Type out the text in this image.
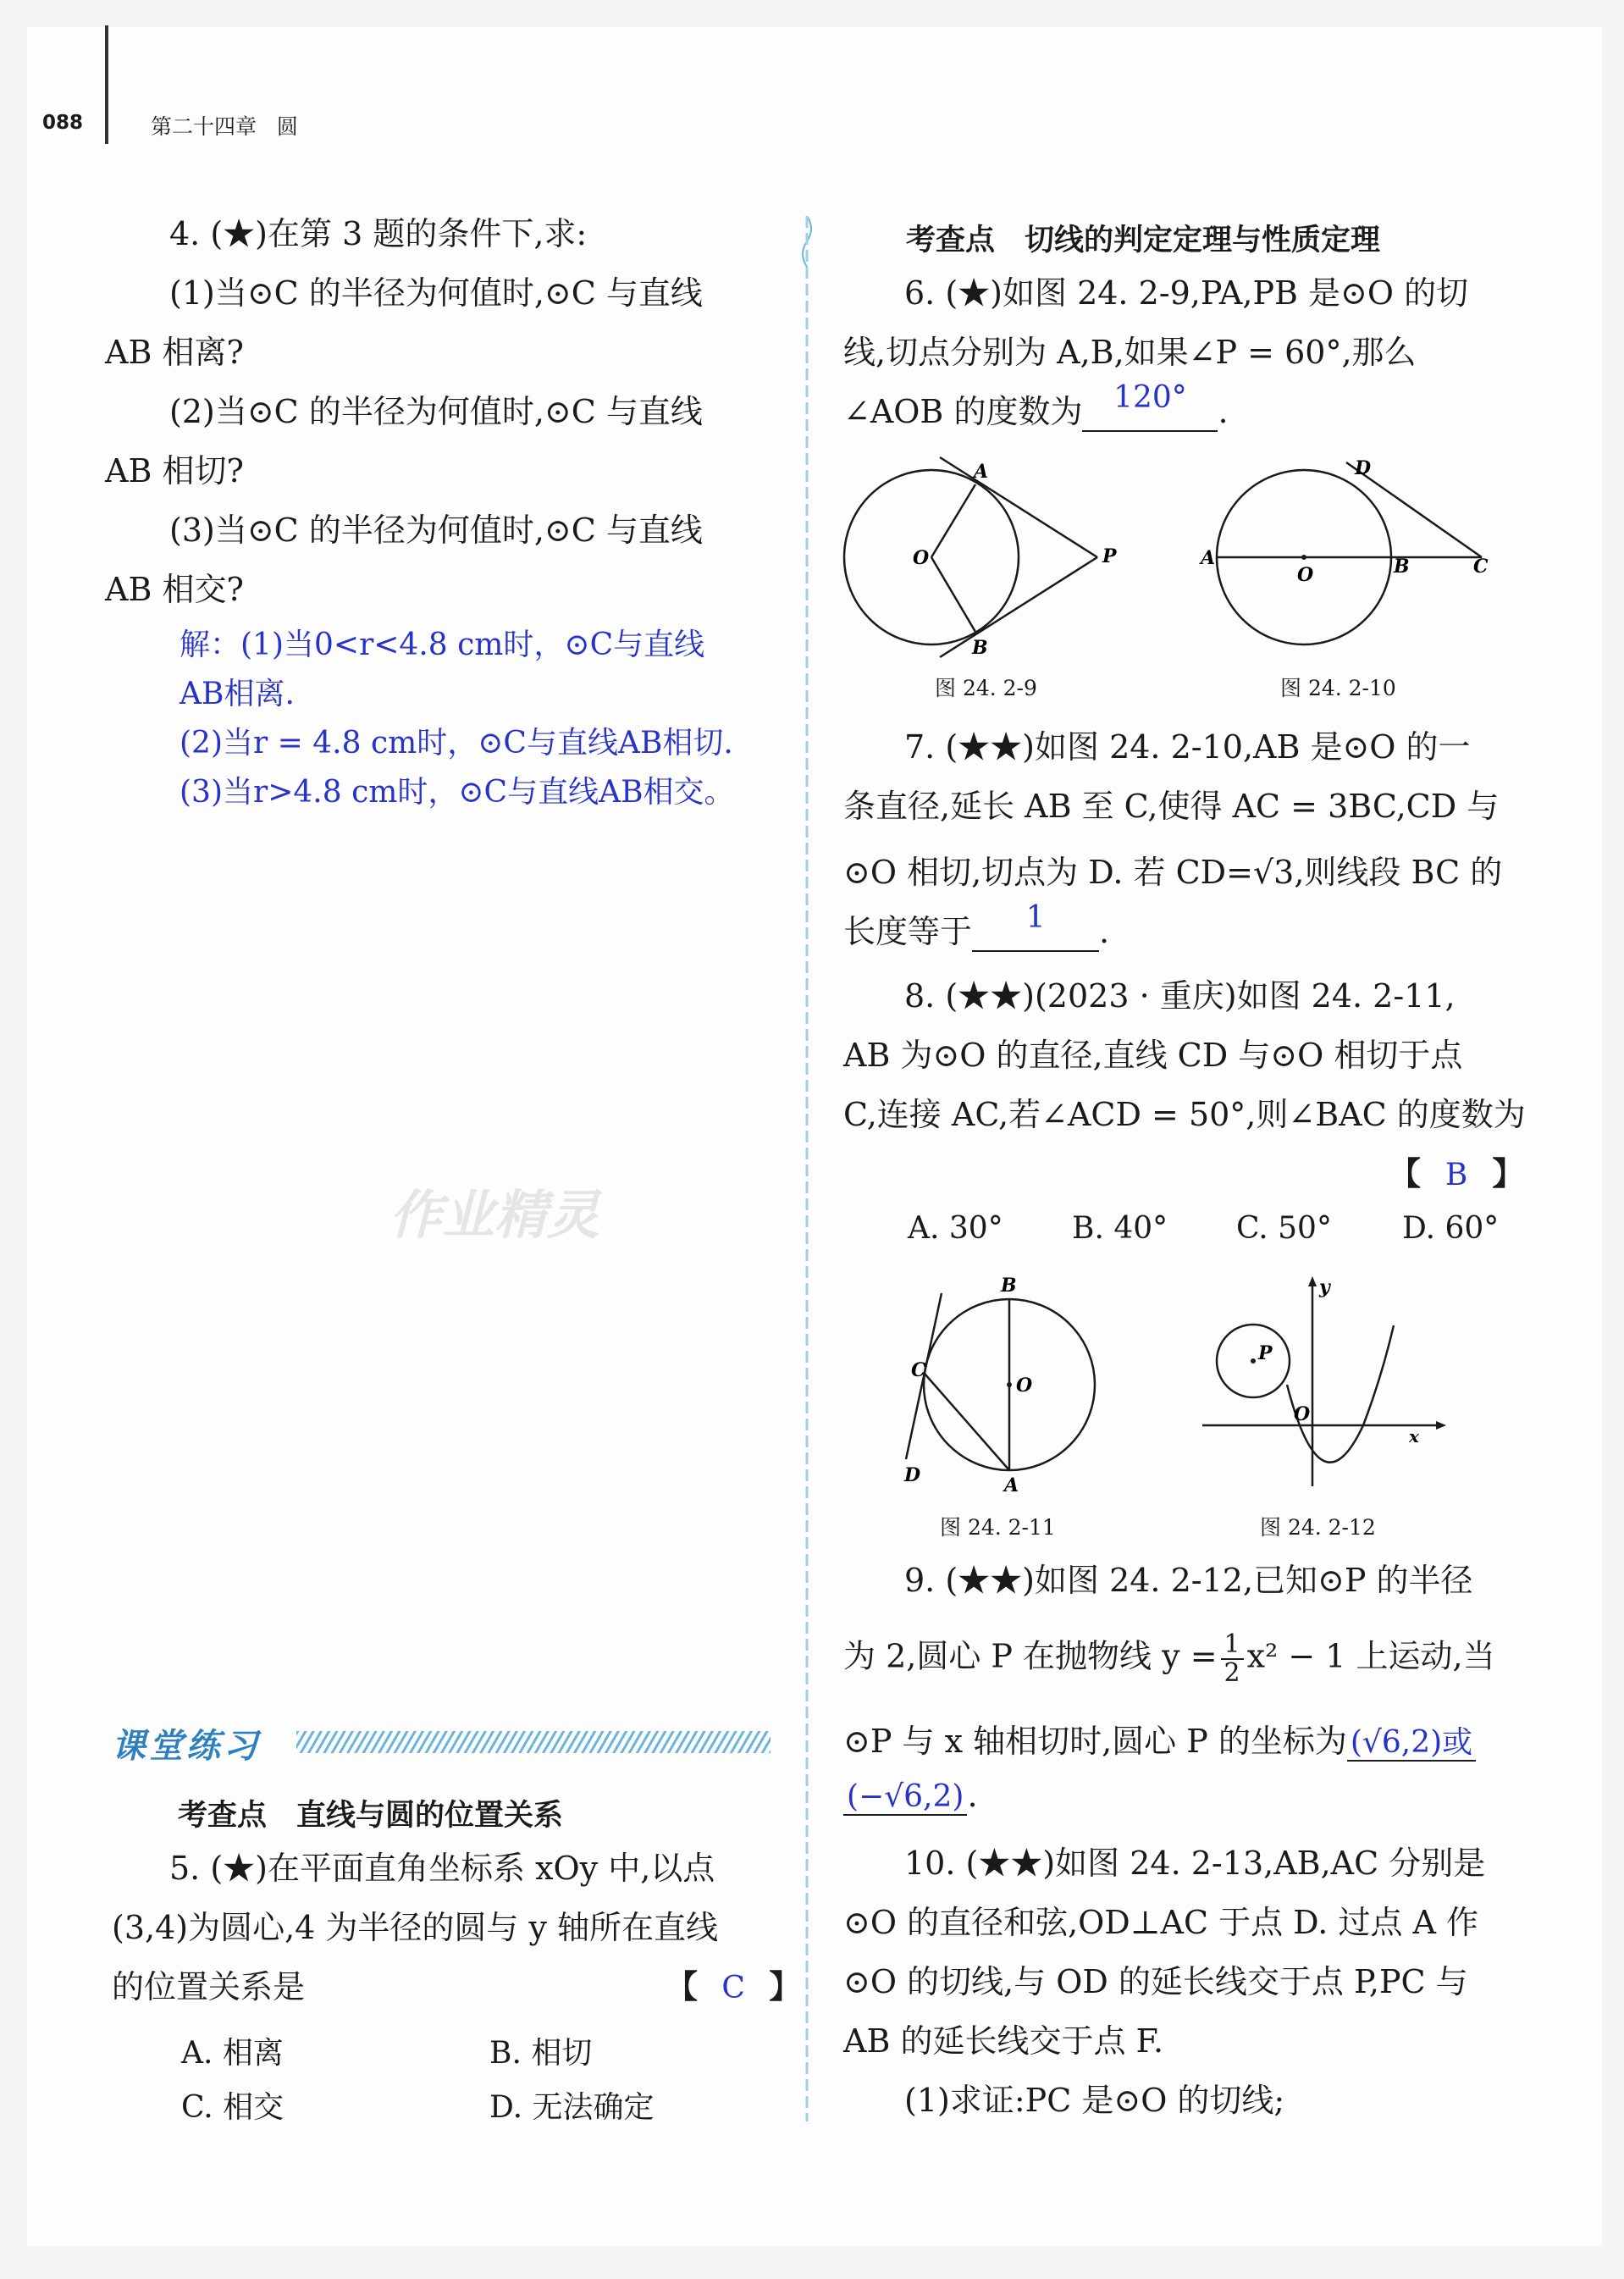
088	第二十四章 圆
4. (★)在第 3 题的条件下,求:
(1)当⊙C 的半径为何值时,⊙C 与直线
AB 相离?
(2)当⊙C 的半径为何值时,⊙C 与直线
AB 相切?
(3)当⊙C 的半径为何值时,⊙C 与直线
AB 相交?
解：(1)当0<r<4.8 cm时，⊙C与直线
AB相离.
(2)当r = 4.8 cm时，⊙C与直线AB相切.
(3)当r>4.8 cm时，⊙C与直线AB相交。
作业精灵
课堂练习
考查点　直线与圆的位置关系
5. (★)在平面直角坐标系 xOy 中,以点
(3,4)为圆心,4 为半径的圆与 y 轴所在直线
的位置关系是	【 C 】
A. 相离	B. 相切
C. 相交	D. 无法确定
考查点　切线的判定定理与性质定理
6. (★)如图 24. 2-9,PA,PB 是⊙O 的切
线,切点分别为 A,B,如果∠P = 60°,那么
∠AOB 的度数为 120° .
A
B
O	P
图 24. 2-9
D
A
O	B	C
图 24. 2-10
7. (★★)如图 24. 2-10,AB 是⊙O 的一
条直径,延长 AB 至 C,使得 AC = 3BC,CD 与
⊙O 相切,切点为 D. 若 CD=√3,则线段 BC 的
长度等于 1 .
8. (★★)(2023 · 重庆)如图 24. 2-11,
AB 为⊙O 的直径,直线 CD 与⊙O 相切于点
C,连接 AC,若∠ACD = 50°,则∠BAC 的度数为
【 B 】
A. 30° B. 40° C. 50° D. 60°
B
C
O
D	A
图 24. 2-11
y
P
O
x
图 24. 2-12
9. (★★)如图 24. 2-12,已知⊙P 的半径
为 2,圆心 P 在抛物线 $y = \frac{1}{2} x^2 - 1$ 上运动,当
⊙P 与 x 轴相切时,圆心 P 的坐标为 (√6,2)或
(−√6,2) .
10. (★★)如图 24. 2-13,AB,AC 分别是
⊙O 的直径和弦,OD⊥AC 于点 D. 过点 A 作
⊙O 的切线,与 OD 的延长线交于点 P,PC 与
AB 的延长线交于点 F.
(1)求证:PC 是⊙O 的切线;
